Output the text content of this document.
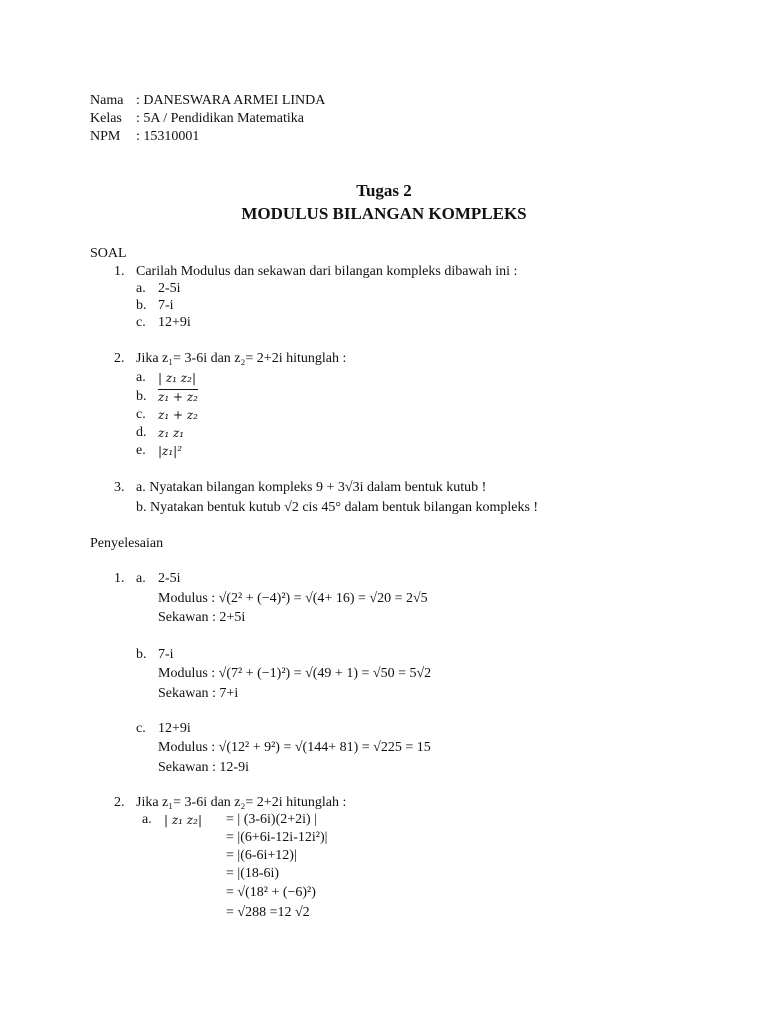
Nama : DANESWARA ARMEI LINDA
Kelas : 5A / Pendidikan Matematika
NPM : 15310001
Tugas 2
MODULUS BILANGAN KOMPLEKS
SOAL
1. Carilah Modulus dan sekawan dari bilangan kompleks dibawah ini :
a. 2-5i
b. 7-i
c. 12+9i
2. Jika z₁= 3-6i dan z₂= 2+2i hitunglah :
a. | z₁ z₂|
b. z₁ + z₂
c. z₁ + z₂
d. z₁ z₁
e. |z₁|²
3. a. Nyatakan bilangan kompleks 9 + 3√3i dalam bentuk kutub !
b. Nyatakan bentuk kutub √2 cis 45° dalam bentuk bilangan kompleks !
Penyelesaian
1. a. 2-5i
Modulus : √(2² + (−4)²) = √(4+ 16) = √20 = 2√5
Sekawan : 2+5i
b. 7-i
Modulus : √(7² + (−1)²) = √(49 + 1) = √50 = 5√2
Sekawan : 7+i
c. 12+9i
Modulus : √(12² + 9²) = √(144+ 81) = √225 = 15
Sekawan : 12-9i
2. Jika z₁= 3-6i dan z₂= 2+2i hitunglah :
a. | z₁ z₂| = | (3-6i)(2+2i) |
= |(6+6i-12i-12i²)|
= |(6-6i+12)|
= |(18-6i)
= √(18² + (−6)²)
= √288 =12 √2
